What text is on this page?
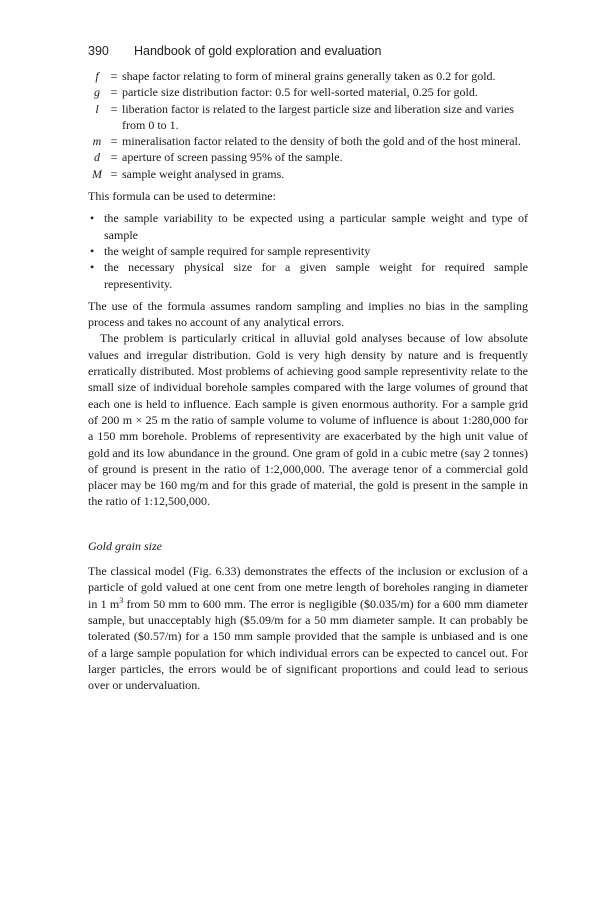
390 Handbook of gold exploration and evaluation
f = shape factor relating to form of mineral grains generally taken as 0.2 for gold.
g = particle size distribution factor: 0.5 for well-sorted material, 0.25 for gold.
l = liberation factor is related to the largest particle size and liberation size and varies from 0 to 1.
m = mineralisation factor related to the density of both the gold and of the host mineral.
d = aperture of screen passing 95% of the sample.
M = sample weight analysed in grams.

This formula can be used to determine:

• the sample variability to be expected using a particular sample weight and type of sample
• the weight of sample required for sample representivity
• the necessary physical size for a given sample weight for required sample representivity.

The use of the formula assumes random sampling and implies no bias in the sampling process and takes no account of any analytical errors.

The problem is particularly critical in alluvial gold analyses because of low absolute values and irregular distribution. Gold is very high density by nature and is frequently erratically distributed. Most problems of achieving good sample representivity relate to the small size of individual borehole samples compared with the large volumes of ground that each one is held to influence. Each sample is given enormous authority. For a sample grid of 200 m × 25 m the ratio of sample volume to volume of influence is about 1:280,000 for a 150 mm borehole. Problems of representivity are exacerbated by the high unit value of gold and its low abundance in the ground. One gram of gold in a cubic metre (say 2 tonnes) of ground is present in the ratio of 1:2,000,000. The average tenor of a commercial gold placer may be 160 mg/m and for this grade of material, the gold is present in the sample in the ratio of 1:12,500,000.

Gold grain size

The classical model (Fig. 6.33) demonstrates the effects of the inclusion or exclusion of a particle of gold valued at one cent from one metre length of boreholes ranging in diameter in 1 $m^3$ from 50 mm to 600 mm. The error is negligible ($0.035/m) for a 600 mm diameter sample, but unacceptably high ($5.09/m for a 50 mm diameter sample. It can probably be tolerated ($0.57/m) for a 150 mm sample provided that the sample is unbiased and is one of a large sample population for which individual errors can be expected to cancel out. For larger particles, the errors would be of significant proportions and could lead to serious over or undervaluation.
